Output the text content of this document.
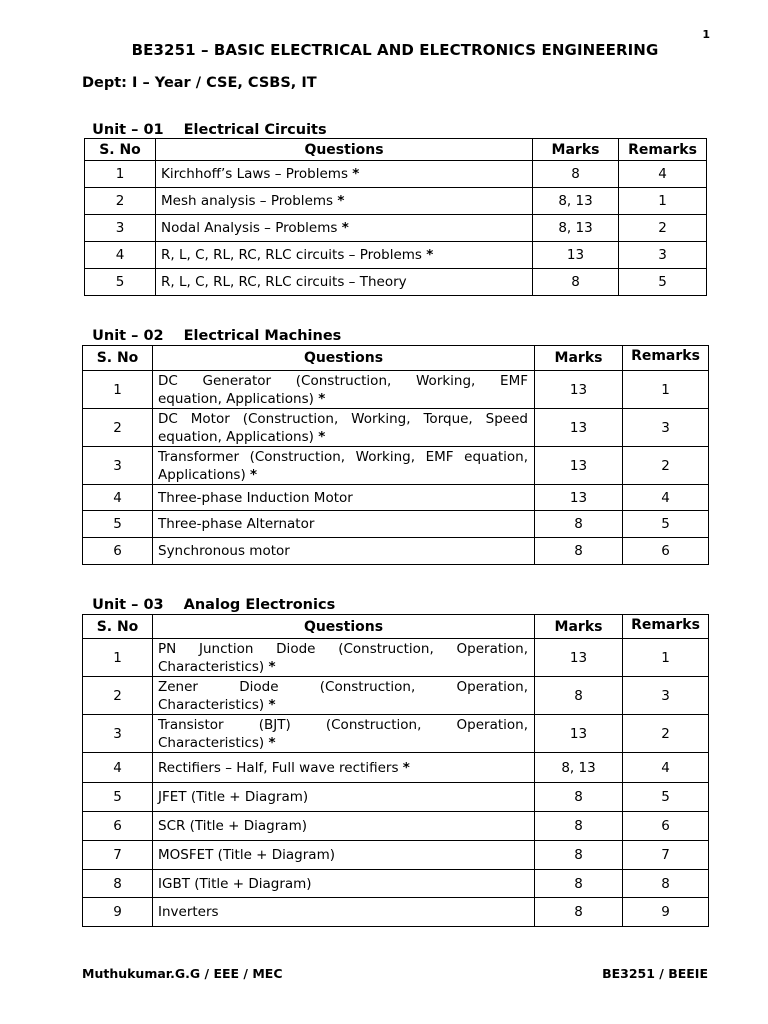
1
BE3251 – BASIC ELECTRICAL AND ELECTRONICS ENGINEERING
Dept: I – Year / CSE, CSBS, IT

Unit – 01 Electrical Circuits

S. No	Questions	Marks	Remarks
1	Kirchhoff’s Laws – Problems *	8	4
2	Mesh analysis – Problems *	8, 13	1
3	Nodal Analysis – Problems *	8, 13	2
4	R, L, C, RL, RC, RLC circuits – Problems *	13	3
5	R, L, C, RL, RC, RLC circuits – Theory	8	5

Unit – 02 Electrical Machines

S. No	Questions	Marks	Remarks
1	DC Generator (Construction, Working, EMF
equation, Applications) *	13	1
2	DC Motor (Construction, Working, Torque, Speed
equation, Applications) *	13	3
3	Transformer (Construction, Working, EMF equation,
Applications) *	13	2
4	Three-phase Induction Motor	13	4
5	Three-phase Alternator	8	5
6	Synchronous motor	8	6

Unit – 03 Analog Electronics

S. No	Questions	Marks	Remarks
1	PN Junction Diode (Construction, Operation,
Characteristics) *	13	1
2	Zener Diode (Construction, Operation,
Characteristics) *	8	3
3	Transistor (BJT) (Construction, Operation,
Characteristics) *	13	2
4	Rectifiers – Half, Full wave rectifiers *	8, 13	4
5	JFET (Title + Diagram)	8	5
6	SCR (Title + Diagram)	8	6
7	MOSFET (Title + Diagram)	8	7
8	IGBT (Title + Diagram)	8	8
9	Inverters	8	9
Muthukumar.G.G / EEE / MEC	BE3251 / BEEIE
